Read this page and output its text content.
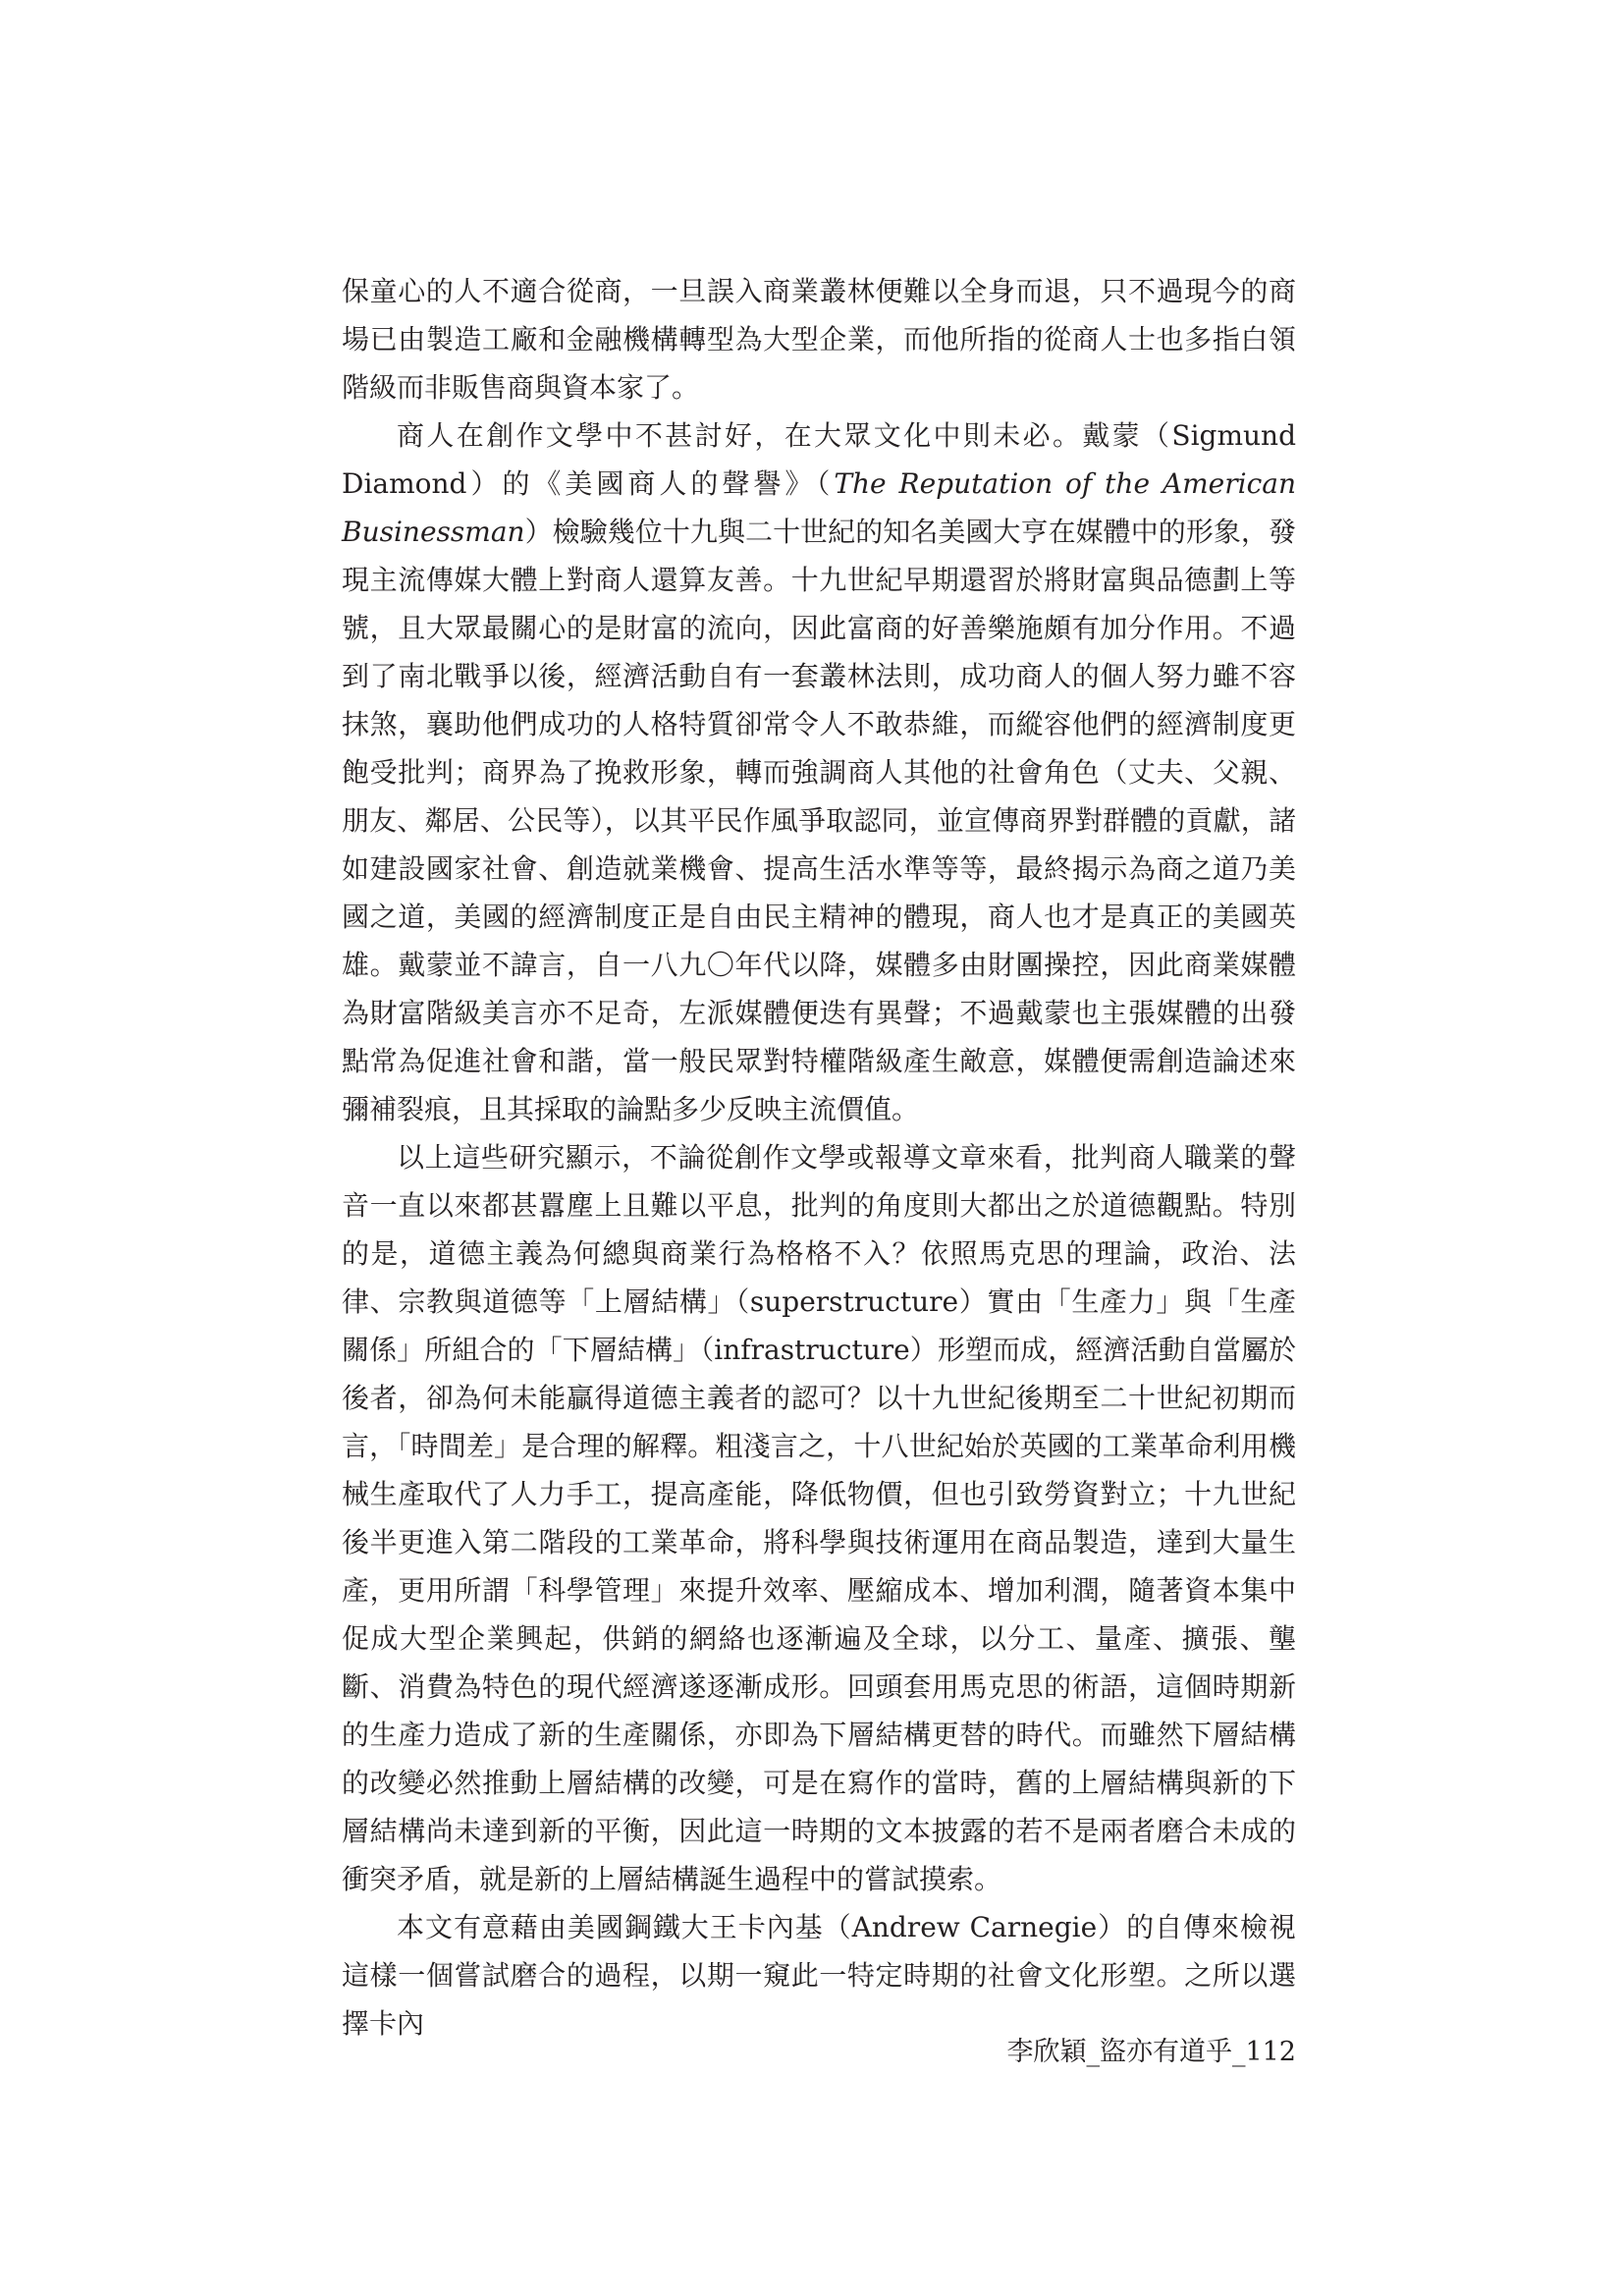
保童心的人不適合從商，一旦誤入商業叢林便難以全身而退，只不過現今的商場已由製造工廠和金融機構轉型為大型企業，而他所指的從商人士也多指白領階級而非販售商與資本家了。

商人在創作文學中不甚討好，在大眾文化中則未必。戴蒙（Sigmund Diamond）的《美國商人的聲譽》（The Reputation of the American Businessman）檢驗幾位十九與二十世紀的知名美國大亨在媒體中的形象，發現主流傳媒大體上對商人還算友善。十九世紀早期還習於將財富與品德劃上等號，且大眾最關心的是財富的流向，因此富商的好善樂施頗有加分作用。不過到了南北戰爭以後，經濟活動自有一套叢林法則，成功商人的個人努力雖不容抹煞，襄助他們成功的人格特質卻常令人不敢恭維，而縱容他們的經濟制度更飽受批判；商界為了挽救形象，轉而強調商人其他的社會角色（丈夫、父親、朋友、鄰居、公民等），以其平民作風爭取認同，並宣傳商界對群體的貢獻，諸如建設國家社會、創造就業機會、提高生活水準等等，最終揭示為商之道乃美國之道，美國的經濟制度正是自由民主精神的體現，商人也才是真正的美國英雄。戴蒙並不諱言，自一八九〇年代以降，媒體多由財團操控，因此商業媒體為財富階級美言亦不足奇，左派媒體便迭有異聲；不過戴蒙也主張媒體的出發點常為促進社會和諧，當一般民眾對特權階級產生敵意，媒體便需創造論述來彌補裂痕，且其採取的論點多少反映主流價值。

以上這些研究顯示，不論從創作文學或報導文章來看，批判商人職業的聲音一直以來都甚囂塵上且難以平息，批判的角度則大都出之於道德觀點。特別的是，道德主義為何總與商業行為格格不入？依照馬克思的理論，政治、法律、宗教與道德等「上層結構」（superstructure）實由「生產力」與「生產關係」所組合的「下層結構」（infrastructure）形塑而成，經濟活動自當屬於後者，卻為何未能贏得道德主義者的認可？以十九世紀後期至二十世紀初期而言，「時間差」是合理的解釋。粗淺言之，十八世紀始於英國的工業革命利用機械生產取代了人力手工，提高產能，降低物價，但也引致勞資對立；十九世紀後半更進入第二階段的工業革命，將科學與技術運用在商品製造，達到大量生產，更用所謂「科學管理」來提升效率、壓縮成本、增加利潤，隨著資本集中促成大型企業興起，供銷的網絡也逐漸遍及全球，以分工、量產、擴張、壟斷、消費為特色的現代經濟遂逐漸成形。回頭套用馬克思的術語，這個時期新的生產力造成了新的生產關係，亦即為下層結構更替的時代。而雖然下層結構的改變必然推動上層結構的改變，可是在寫作的當時，舊的上層結構與新的下層結構尚未達到新的平衡，因此這一時期的文本披露的若不是兩者磨合未成的衝突矛盾，就是新的上層結構誕生過程中的嘗試摸索。

本文有意藉由美國鋼鐵大王卡內基（Andrew Carnegie）的自傳來檢視這樣一個嘗試磨合的過程，以期一窺此一特定時期的社會文化形塑。之所以選擇卡內

李欣穎_盜亦有道乎_112
